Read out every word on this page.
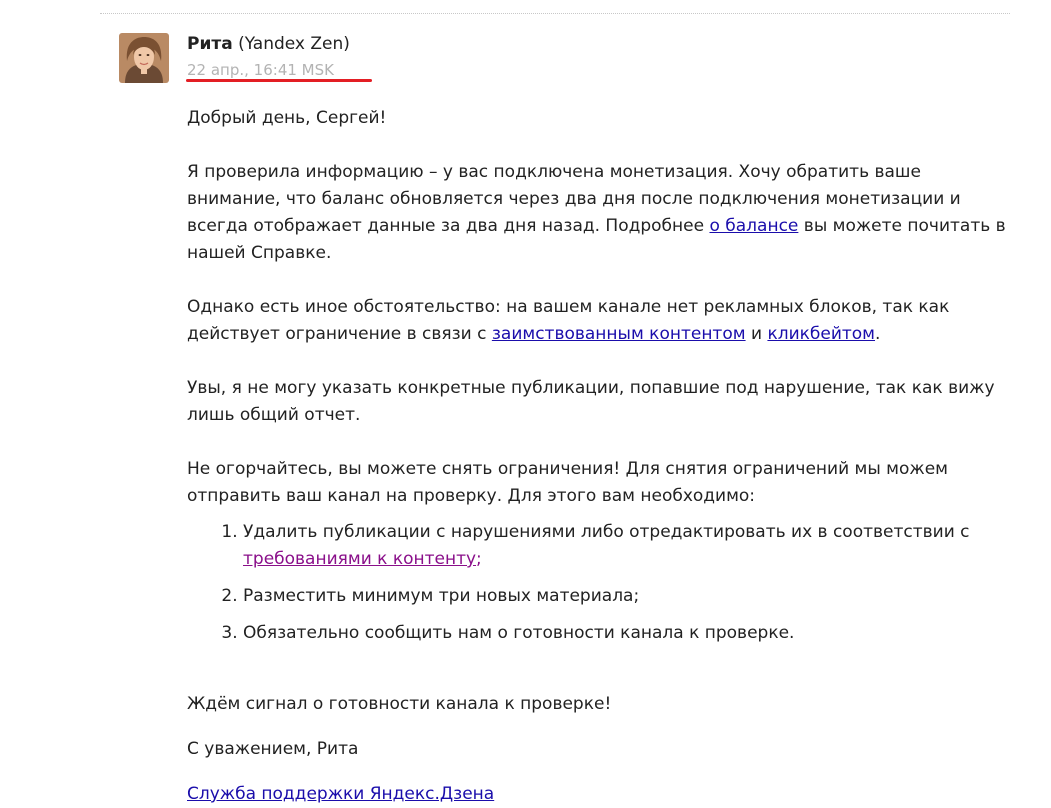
Рита (Yandex Zen)
22 апр., 16:41 MSK

Добрый день, Сергей!

Я проверила информацию – у вас подключена монетизация. Хочу обратить ваше внимание, что баланс обновляется через два дня после подключения монетизации и всегда отображает данные за два дня назад. Подробнее о балансе вы можете почитать в нашей Справке.

Однако есть иное обстоятельство: на вашем канале нет рекламных блоков, так как действует ограничение в связи с заимствованным контентом и кликбейтом.

Увы, я не могу указать конкретные публикации, попавшие под нарушение, так как вижу лишь общий отчет.

Не огорчайтесь, вы можете снять ограничения! Для снятия ограничений мы можем отправить ваш канал на проверку. Для этого вам необходимо:

1. Удалить публикации с нарушениями либо отредактировать их в соответствии с требованиями к контенту;
2. Разместить минимум три новых материала;
3. Обязательно сообщить нам о готовности канала к проверке.

Ждём сигнал о готовности канала к проверке!

С уважением, Рита

Служба поддержки Яндекс.Дзена
